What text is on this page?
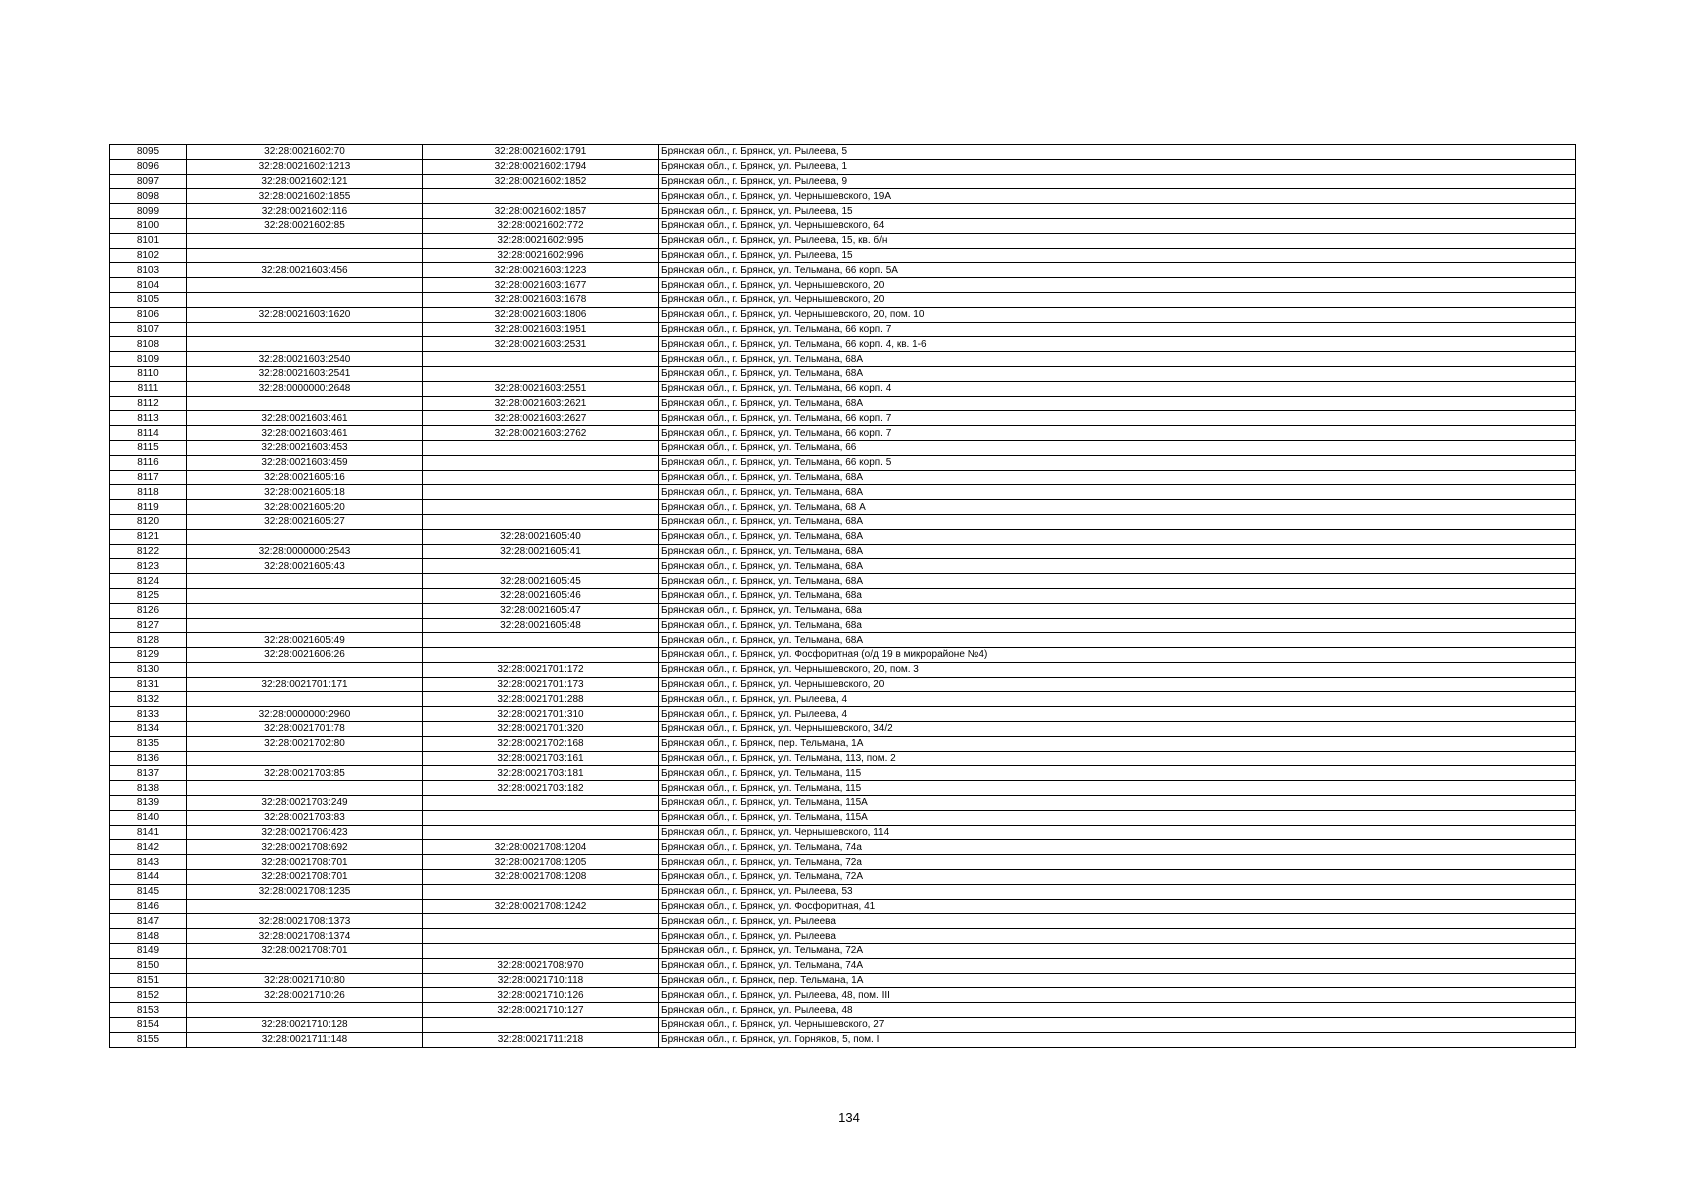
8095	32:28:0021602:70	32:28:0021602:1791	Брянская обл., г. Брянск, ул. Рылеева, 5
8096	32:28:0021602:1213	32:28:0021602:1794	Брянская обл., г. Брянск, ул. Рылеева, 1
8097	32:28:0021602:121	32:28:0021602:1852	Брянская обл., г. Брянск, ул. Рылеева, 9
8098	32:28:0021602:1855		Брянская обл., г. Брянск, ул. Чернышевского, 19А
8099	32:28:0021602:116	32:28:0021602:1857	Брянская обл., г. Брянск, ул. Рылеева, 15
8100	32:28:0021602:85	32:28:0021602:772	Брянская обл., г. Брянск, ул. Чернышевского, 64
8101		32:28:0021602:995	Брянская обл., г. Брянск, ул. Рылеева, 15, кв. б/н
8102		32:28:0021602:996	Брянская обл., г. Брянск, ул. Рылеева, 15
8103	32:28:0021603:456	32:28:0021603:1223	Брянская обл., г. Брянск, ул. Тельмана, 66 корп. 5А
8104		32:28:0021603:1677	Брянская обл., г. Брянск, ул. Чернышевского, 20
8105		32:28:0021603:1678	Брянская обл., г. Брянск, ул. Чернышевского, 20
8106	32:28:0021603:1620	32:28:0021603:1806	Брянская обл., г. Брянск, ул. Чернышевского, 20, пом. 10
8107		32:28:0021603:1951	Брянская обл., г. Брянск, ул. Тельмана, 66 корп. 7
8108		32:28:0021603:2531	Брянская обл., г. Брянск, ул. Тельмана, 66 корп. 4, кв. 1-6
8109	32:28:0021603:2540		Брянская обл., г. Брянск, ул. Тельмана, 68А
8110	32:28:0021603:2541		Брянская обл., г. Брянск, ул. Тельмана, 68А
8111	32:28:0000000:2648	32:28:0021603:2551	Брянская обл., г. Брянск, ул. Тельмана, 66 корп. 4
8112		32:28:0021603:2621	Брянская обл., г. Брянск, ул. Тельмана, 68А
8113	32:28:0021603:461	32:28:0021603:2627	Брянская обл., г. Брянск, ул. Тельмана, 66 корп. 7
8114	32:28:0021603:461	32:28:0021603:2762	Брянская обл., г. Брянск, ул. Тельмана, 66 корп. 7
8115	32:28:0021603:453		Брянская обл., г. Брянск, ул. Тельмана, 66
8116	32:28:0021603:459		Брянская обл., г. Брянск, ул. Тельмана, 66 корп. 5
8117	32:28:0021605:16		Брянская обл., г. Брянск, ул. Тельмана, 68А
8118	32:28:0021605:18		Брянская обл., г. Брянск, ул. Тельмана, 68А
8119	32:28:0021605:20		Брянская обл., г. Брянск, ул. Тельмана, 68 А
8120	32:28:0021605:27		Брянская обл., г. Брянск, ул. Тельмана, 68А
8121		32:28:0021605:40	Брянская обл., г. Брянск, ул. Тельмана, 68А
8122	32:28:0000000:2543	32:28:0021605:41	Брянская обл., г. Брянск, ул. Тельмана, 68А
8123	32:28:0021605:43		Брянская обл., г. Брянск, ул. Тельмана, 68А
8124		32:28:0021605:45	Брянская обл., г. Брянск, ул. Тельмана, 68А
8125		32:28:0021605:46	Брянская обл., г. Брянск, ул. Тельмана, 68а
8126		32:28:0021605:47	Брянская обл., г. Брянск, ул. Тельмана, 68а
8127		32:28:0021605:48	Брянская обл., г. Брянск, ул. Тельмана, 68а
8128	32:28:0021605:49		Брянская обл., г. Брянск, ул. Тельмана, 68А
8129	32:28:0021606:26		Брянская обл., г. Брянск, ул. Фосфоритная (о/д 19 в микрорайоне №4)
8130		32:28:0021701:172	Брянская обл., г. Брянск, ул. Чернышевского, 20, пом. 3
8131	32:28:0021701:171	32:28:0021701:173	Брянская обл., г. Брянск, ул. Чернышевского, 20
8132		32:28:0021701:288	Брянская обл., г. Брянск, ул. Рылеева, 4
8133	32:28:0000000:2960	32:28:0021701:310	Брянская обл., г. Брянск, ул. Рылеева, 4
8134	32:28:0021701:78	32:28:0021701:320	Брянская обл., г. Брянск, ул. Чернышевского, 34/2
8135	32:28:0021702:80	32:28:0021702:168	Брянская обл., г. Брянск, пер. Тельмана, 1А
8136		32:28:0021703:161	Брянская обл., г. Брянск, ул. Тельмана, 113, пом. 2
8137	32:28:0021703:85	32:28:0021703:181	Брянская обл., г. Брянск, ул. Тельмана, 115
8138		32:28:0021703:182	Брянская обл., г. Брянск, ул. Тельмана, 115
8139	32:28:0021703:249		Брянская обл., г. Брянск, ул. Тельмана, 115А
8140	32:28:0021703:83		Брянская обл., г. Брянск, ул. Тельмана, 115А
8141	32:28:0021706:423		Брянская обл., г. Брянск, ул. Чернышевского, 114
8142	32:28:0021708:692	32:28:0021708:1204	Брянская обл., г. Брянск, ул. Тельмана, 74а
8143	32:28:0021708:701	32:28:0021708:1205	Брянская обл., г. Брянск, ул. Тельмана, 72а
8144	32:28:0021708:701	32:28:0021708:1208	Брянская обл., г. Брянск, ул. Тельмана, 72А
8145	32:28:0021708:1235		Брянская обл., г. Брянск, ул. Рылеева, 53
8146		32:28:0021708:1242	Брянская обл., г. Брянск, ул. Фосфоритная, 41
8147	32:28:0021708:1373		Брянская обл., г. Брянск, ул. Рылеева
8148	32:28:0021708:1374		Брянская обл., г. Брянск, ул. Рылеева
8149	32:28:0021708:701		Брянская обл., г. Брянск, ул. Тельмана, 72А
8150		32:28:0021708:970	Брянская обл., г. Брянск, ул. Тельмана, 74А
8151	32:28:0021710:80	32:28:0021710:118	Брянская обл., г. Брянск, пер. Тельмана, 1А
8152	32:28:0021710:26	32:28:0021710:126	Брянская обл., г. Брянск, ул. Рылеева, 48, пом. III
8153		32:28:0021710:127	Брянская обл., г. Брянск, ул. Рылеева, 48
8154	32:28:0021710:128		Брянская обл., г. Брянск, ул. Чернышевского, 27
8155	32:28:0021711:148	32:28:0021711:218	Брянская обл., г. Брянск, ул. Горняков, 5, пом. I
134
